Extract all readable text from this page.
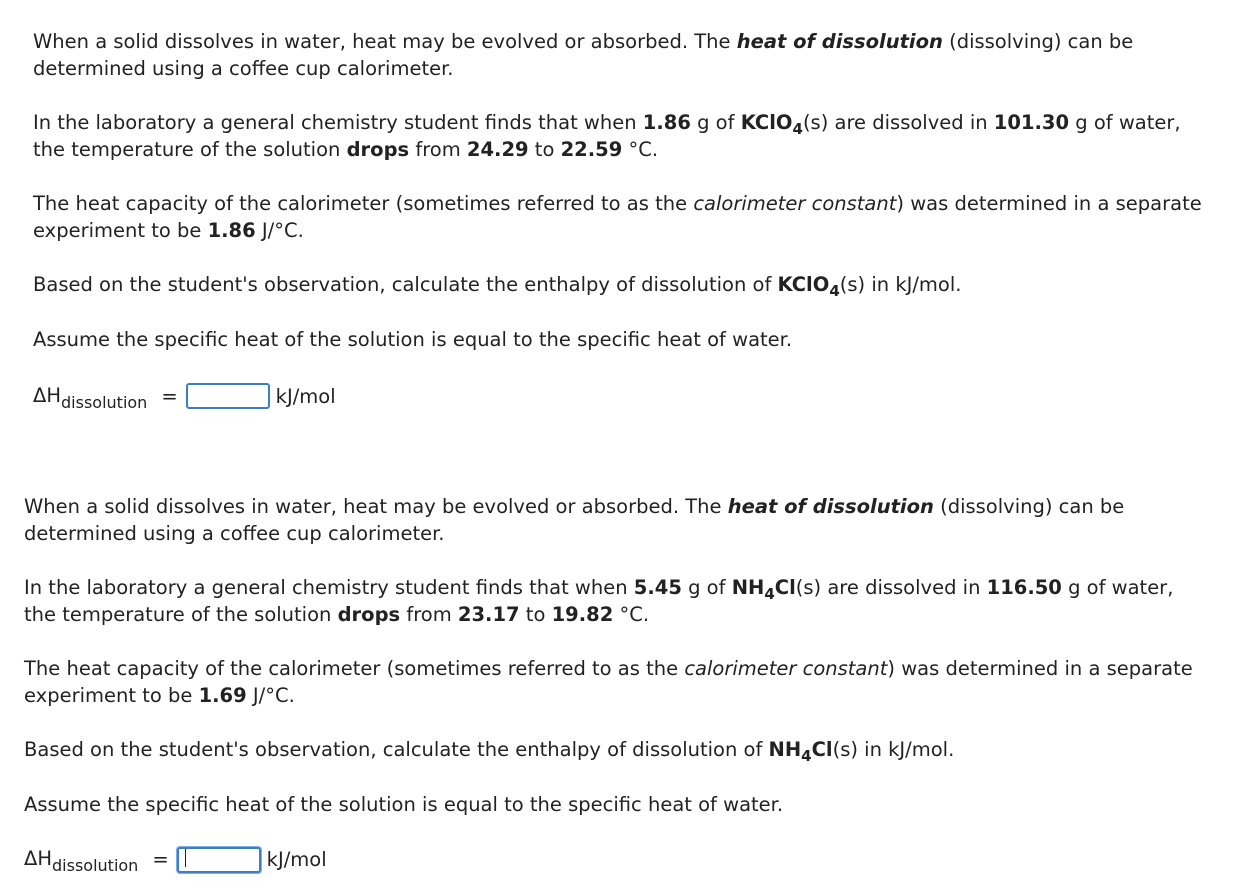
When a solid dissolves in water, heat may be evolved or absorbed. The heat of dissolution (dissolving) can be

determined using a coffee cup calorimeter.

In the laboratory a general chemistry student finds that when 1.86 g of KClO$_4$(s) are dissolved in 101.30 g of water,

the temperature of the solution drops from 24.29 to 22.59 °C.

The heat capacity of the calorimeter (sometimes referred to as the calorimeter constant) was determined in a separate

experiment to be 1.86 J/°C.

Based on the student's observation, calculate the enthalpy of dissolution of KClO$_4$(s) in kJ/mol.

Assume the specific heat of the solution is equal to the specific heat of water.

$\Delta H_{dissolution}$ =	kJ/mol

When a solid dissolves in water, heat may be evolved or absorbed. The heat of dissolution (dissolving) can be

determined using a coffee cup calorimeter.

In the laboratory a general chemistry student finds that when 5.45 g of $NH_4Cl(s)$ are dissolved in 116.50 g of water,

the temperature of the solution drops from 23.17 to 19.82 °C.

The heat capacity of the calorimeter (sometimes referred to as the calorimeter constant) was determined in a separate

experiment to be 1.69 J/°C.

Based on the student's observation, calculate the enthalpy of dissolution of $NH_4Cl(s)$ in kJ/mol.

Assume the specific heat of the solution is equal to the specific heat of water.

$\Delta H_{dissolution}$ =	kJ/mol
